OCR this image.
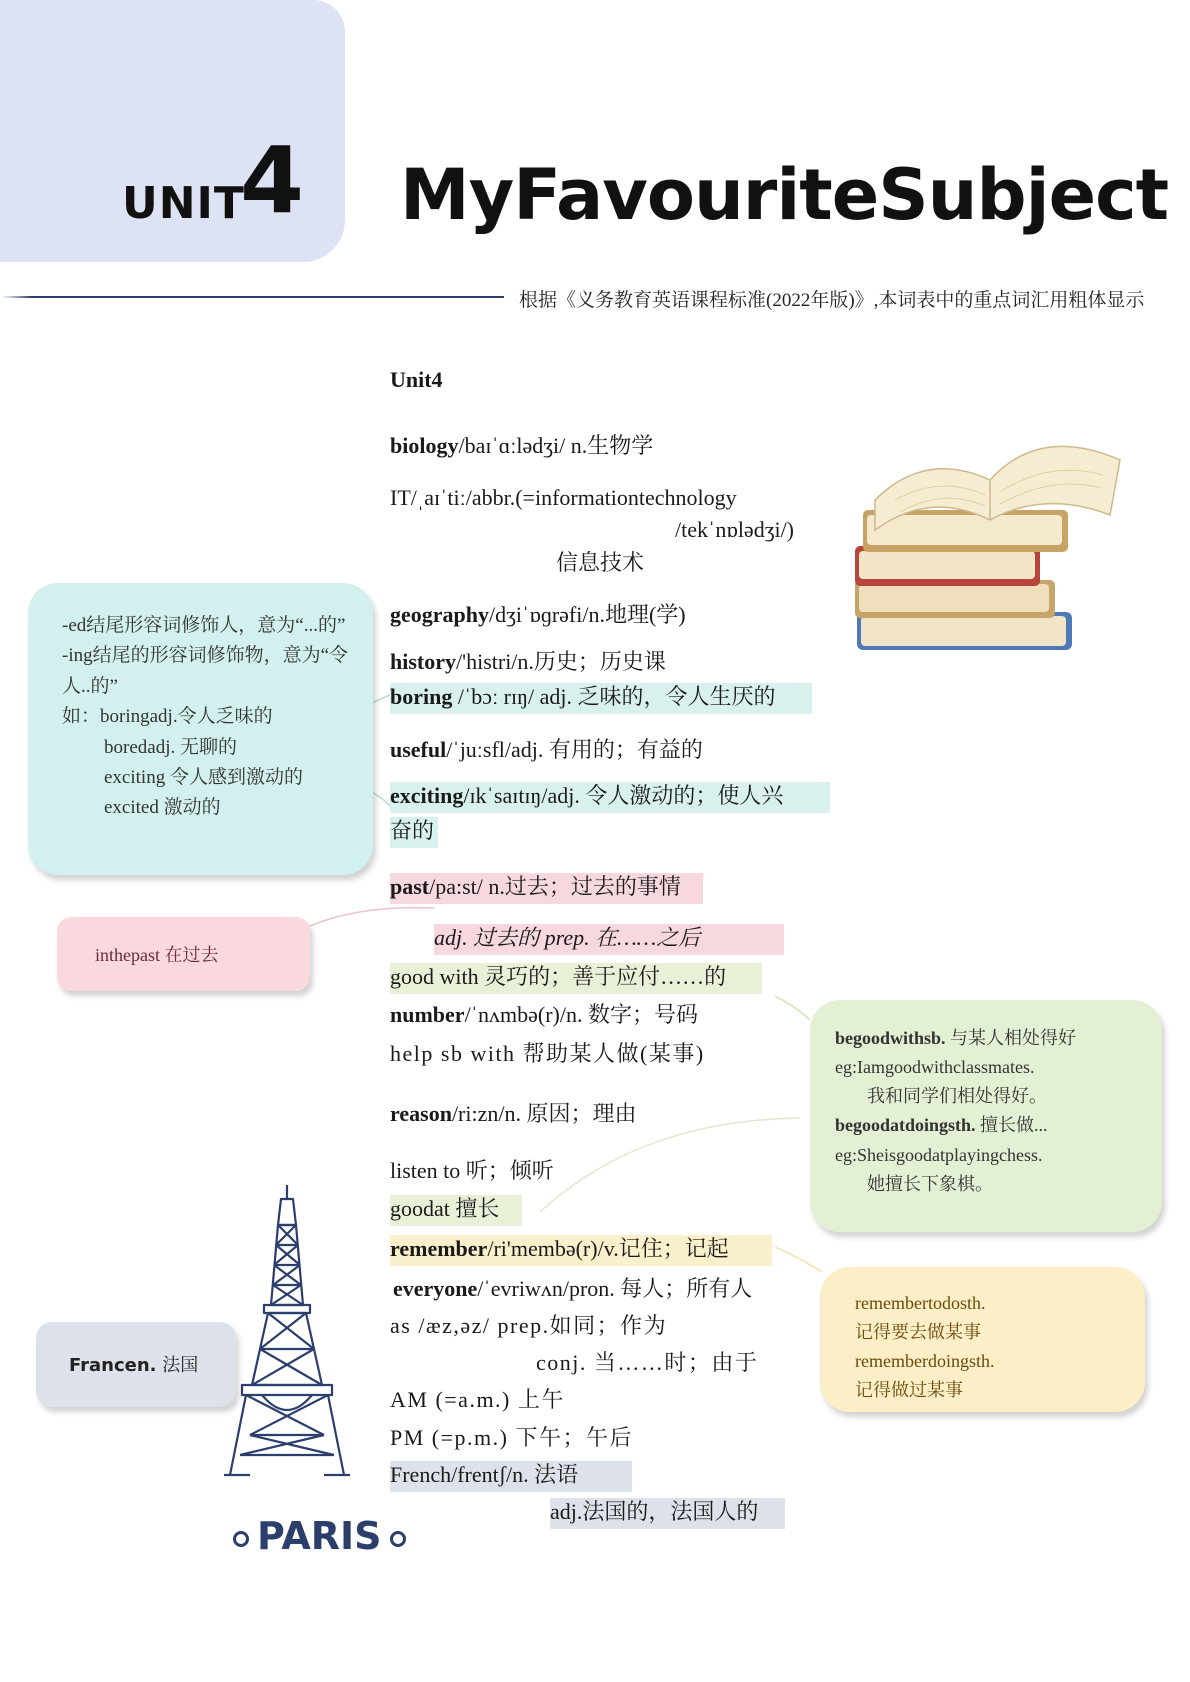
UNIT
4 MyFavouriteSubject
根据《义务教育英语课程标准(2022年版)》,本词表中的重点词汇用粗体显示
Unit4
biology/baɪˈɑːlədʒi/ n.生物学
IT/ˌaɪˈtiː/abbr.(=informationtechnology
/tekˈnɒlədʒi/)
信息技术
geography/dʒiˈɒɡrəfi/n.地理(学)
history/'histri/n.历史；历史课
boring /ˈbɔː rɪŋ/ adj. 乏味的，令人生厌的
useful/ˈjuːsfl/adj. 有用的；有益的
exciting/ɪkˈsaɪtɪŋ/adj. 令人激动的；使人兴
奋的
past/pa:st/ n.过去；过去的事情
adj. 过去的 prep. 在……之后
good with 灵巧的；善于应付……的
number/ˈnʌmbə(r)/n. 数字；号码
help sb with 帮助某人做(某事)
reason/ri:zn/n. 原因；理由
listen to 听；倾听
goodat 擅长
remember/ri'membə(r)/v.记住；记起
everyone/ˈevriwʌn/pron. 每人；所有人
as /æz,əz/ prep.如同；作为
conj. 当……时；由于
AM (=a.m.) 上午
PM (=p.m.) 下午；午后
French/frentʃ/n. 法语
adj.法国的，法国人的
-ed结尾形容词修饰人，意为“...的”
-ing结尾的形容词修饰物，意为“令人..的”
如：boringadj.令人乏味的
boredadj. 无聊的
exciting 令人感到激动的
excited 激动的
inthepast 在过去
begoodwithsb. 与某人相处得好
eg:Iamgoodwithclassmates.
我和同学们相处得好。
begoodatdoingsth. 擅长做...
eg:Sheisgoodatplayingchess.
她擅长下象棋。
remembertodosth.
记得要去做某事
rememberdoingsth.
记得做过某事
Francen. 法国
PARIS
